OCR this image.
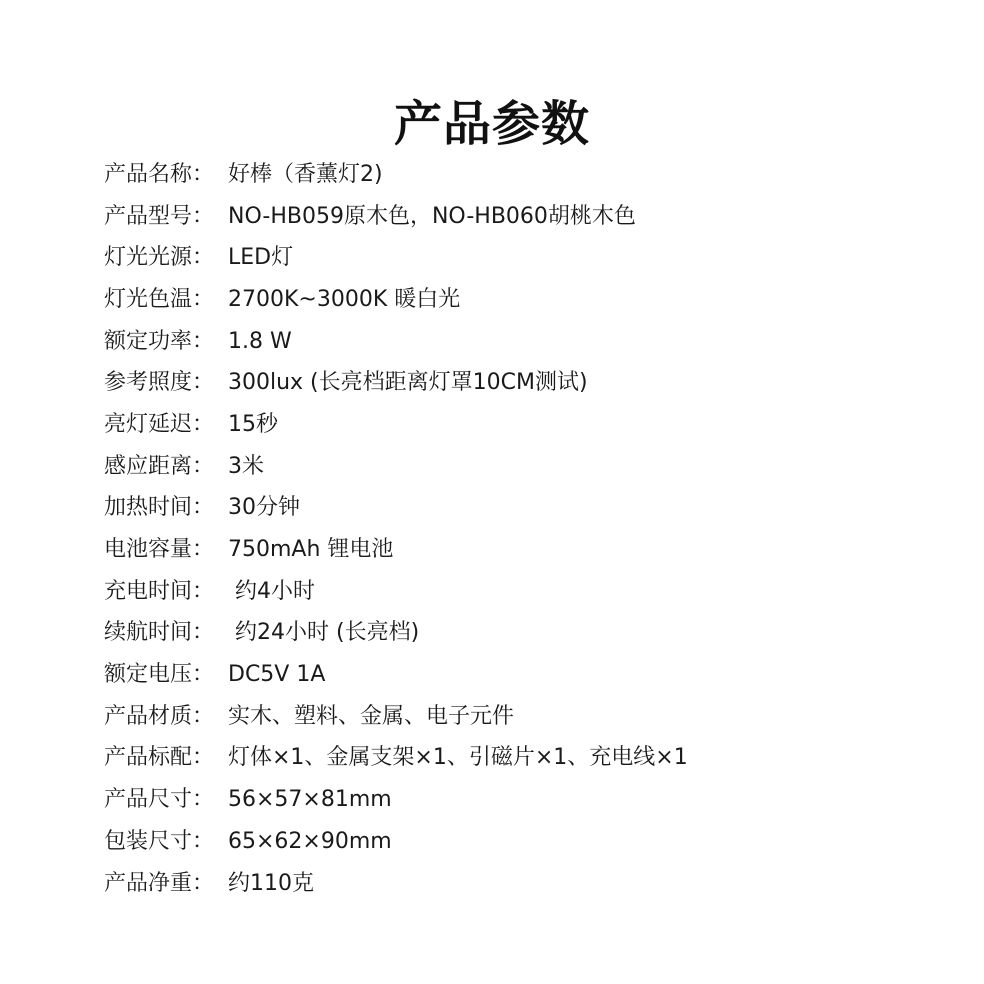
产品参数
产品名称： 好棒（香薰灯2)
产品型号： NO-HB059原木色，NO-HB060胡桃木色
灯光光源： LED灯
灯光色温： 2700K~3000K 暖白光
额定功率： 1.8 W
参考照度： 300lux (长亮档距离灯罩10CM测试)
亮灯延迟： 15秒
感应距离： 3米
加热时间： 30分钟
电池容量： 750mAh 锂电池
充电时间： 约4小时
续航时间： 约24小时 (长亮档)
额定电压： DC5V 1A
产品材质： 实木、塑料、金属、电子元件
产品标配： 灯体×1、金属支架×1、引磁片×1、充电线×1
产品尺寸： 56×57×81mm
包装尺寸： 65×62×90mm
产品净重： 约110克
